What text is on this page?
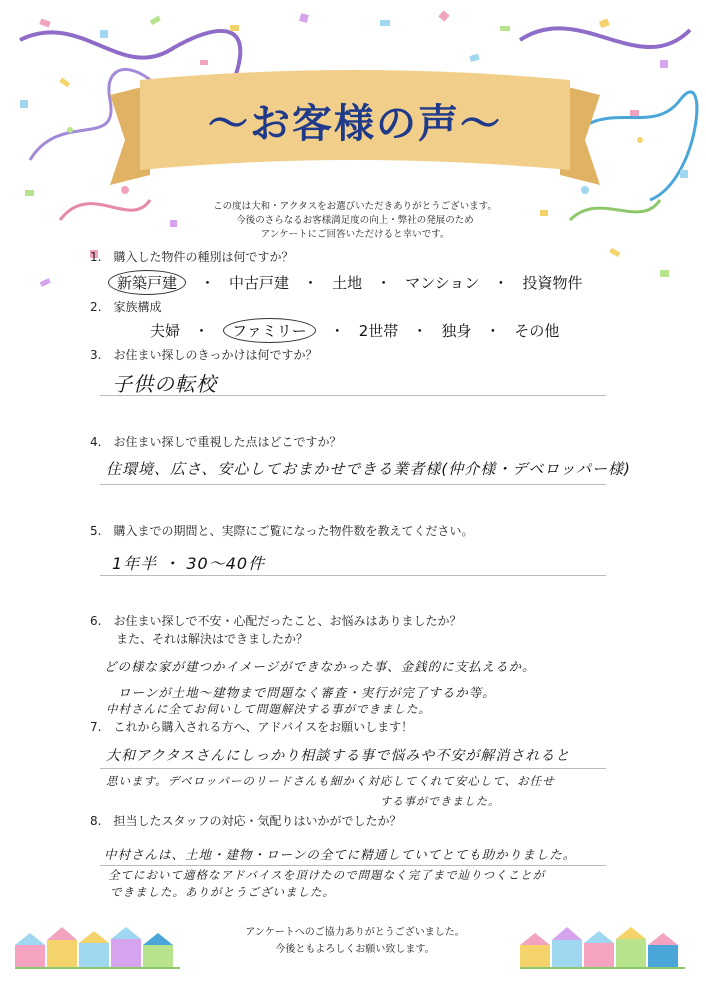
～お客様の声～
この度は大和・アクタスをお選びいただきありがとうございます。
今後のさらなるお客様満足度の向上・弊社の発展のため
アンケートにご回答いただけると幸いです。
1.　購入した物件の種別は何ですか？
新築戸建	・ 中古戸建 ・ 土地 ・ マンション ・ 投資物件
2.　家族構成
夫婦 ・	ファミリー	・ 2世帯 ・ 独身 ・ その他
3.　お住まい探しのきっかけは何ですか？
子供の転校
4.　お住まい探しで重視した点はどこですか？
住環境、広さ、安心しておまかせできる業者様(仲介様・デベロッパー様)
5.　購入までの期間と、実際にご覧になった物件数を教えてください。
1年半 ・ 30～40件
6.　お住まい探しで不安・心配だったこと、お悩みはありましたか？
また、それは解決はできましたか？
どの様な家が建つかイメージができなかった事、金銭的に支払えるか。
ローンが土地～建物まで問題なく審査・実行が完了するか等。
中村さんに全てお伺いして問題解決する事ができました。
7.　これから購入される方へ、アドバイスをお願いします！
大和アクタスさんにしっかり相談する事で悩みや不安が解消されると
思います。デベロッパーのリードさんも細かく対応してくれて安心して、お任せ
する事ができました。
8.　担当したスタッフの対応・気配りはいかがでしたか？
中村さんは、土地・建物・ローンの全てに精通していてとても助かりました。
全てにおいて適格なアドバイスを頂けたので問題なく完了まで辿りつくことが
できました。ありがとうございました。
アンケートへのご協力ありがとうございました。
今後ともよろしくお願い致します。
